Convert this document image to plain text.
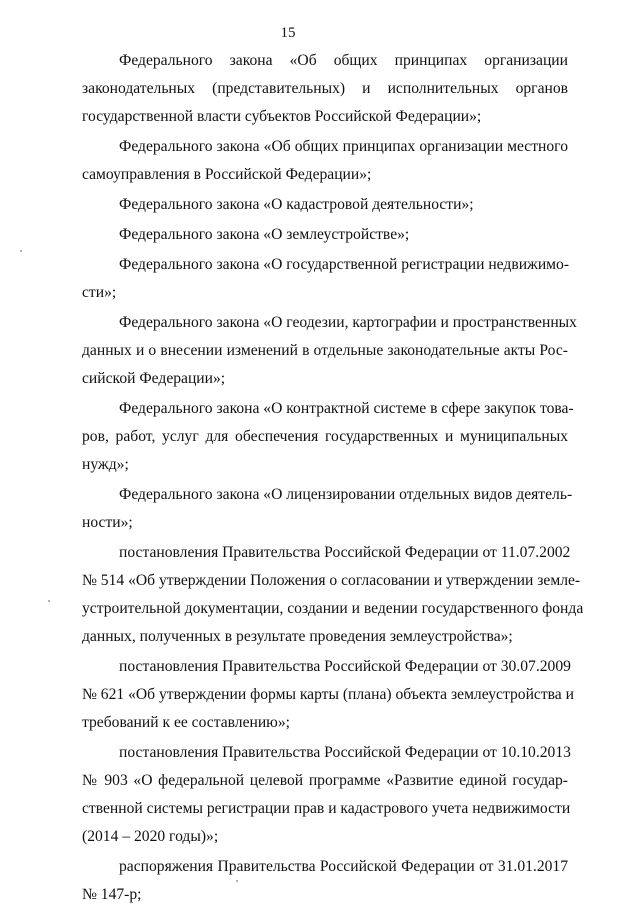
15
Федерального закона «Об общих принципах организации
законодательных (представительных) и исполнительных органов
государственной власти субъектов Российской Федерации»;
Федерального закона «Об общих принципах организации местного
самоуправления в Российской Федерации»;
Федерального закона «О кадастровой деятельности»;
Федерального закона «О землеустройстве»;
Федерального закона «О государственной регистрации недвижимо-
сти»;
Федерального закона «О геодезии, картографии и пространственных
данных и о внесении изменений в отдельные законодательные акты Рос-
сийской Федерации»;
Федерального закона «О контрактной системе в сфере закупок това-
ров, работ, услуг для обеспечения государственных и муниципальных
нужд»;
Федерального закона «О лицензировании отдельных видов деятель-
ности»;
постановления Правительства Российской Федерации от 11.07.2002
№ 514 «Об утверждении Положения о согласовании и утверждении земле-
устроительной документации, создании и ведении государственного фонда
данных, полученных в результате проведения землеустройства»;
постановления Правительства Российской Федерации от 30.07.2009
№ 621 «Об утверждении формы карты (плана) объекта землеустройства и
требований к ее составлению»;
постановления Правительства Российской Федерации от 10.10.2013
№ 903 «О федеральной целевой программе «Развитие единой государ-
ственной системы регистрации прав и кадастрового учета недвижимости
(2014 – 2020 годы)»;
распоряжения Правительства Российской Федерации от 31.01.2017
№ 147-р;
